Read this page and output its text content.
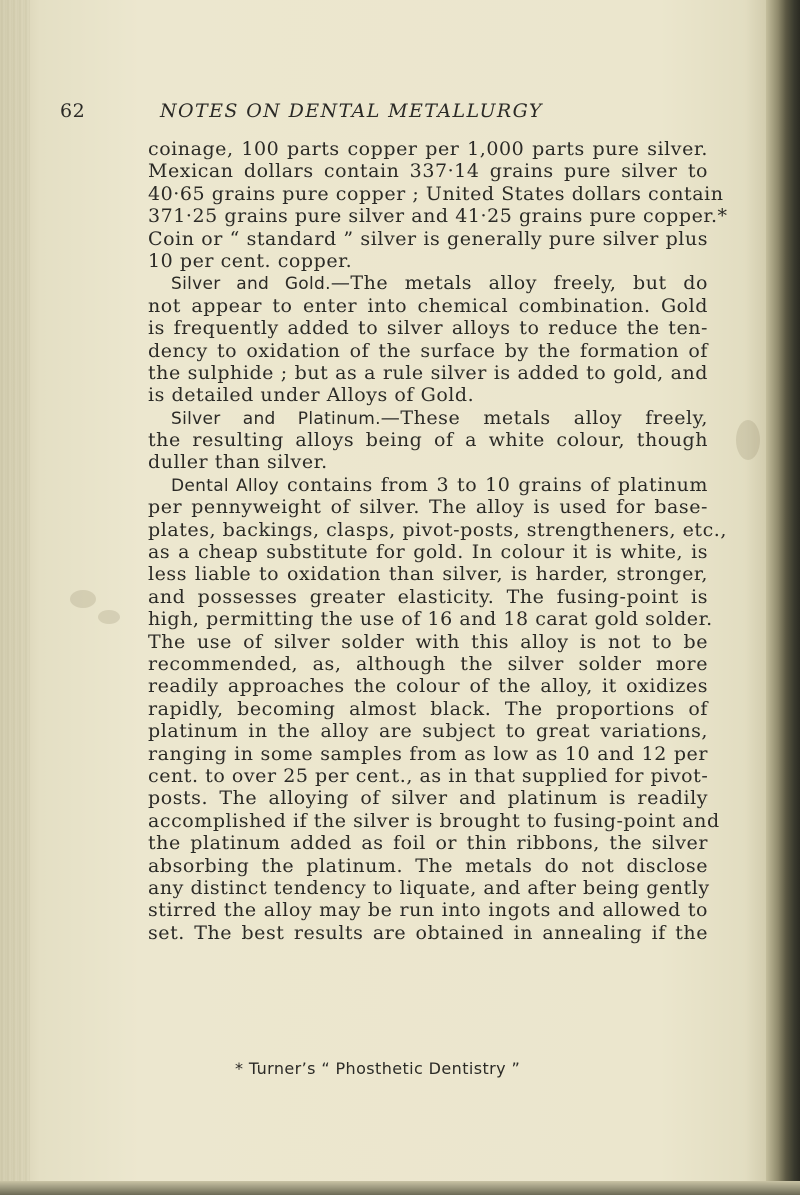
62	NOTES ON DENTAL METALLURGY
coinage, 100 parts copper per 1,000 parts pure silver.
Mexican dollars contain 337·14 grains pure silver to
40·65 grains pure copper ; United States dollars contain
371·25 grains pure silver and 41·25 grains pure copper.*
Coin or “ standard ” silver is generally pure silver plus
10 per cent. copper.
Silver and Gold.—The metals alloy freely, but do
not appear to enter into chemical combination. Gold
is frequently added to silver alloys to reduce the ten-
dency to oxidation of the surface by the formation of
the sulphide ; but as a rule silver is added to gold, and
is detailed under Alloys of Gold.
Silver and Platinum.—These metals alloy freely,
the resulting alloys being of a white colour, though
duller than silver.
Dental Alloy contains from 3 to 10 grains of platinum
per pennyweight of silver. The alloy is used for base-
plates, backings, clasps, pivot-posts, strengtheners, etc.,
as a cheap substitute for gold. In colour it is white, is
less liable to oxidation than silver, is harder, stronger,
and possesses greater elasticity. The fusing-point is
high, permitting the use of 16 and 18 carat gold solder.
The use of silver solder with this alloy is not to be
recommended, as, although the silver solder more
readily approaches the colour of the alloy, it oxidizes
rapidly, becoming almost black. The proportions of
platinum in the alloy are subject to great variations,
ranging in some samples from as low as 10 and 12 per
cent. to over 25 per cent., as in that supplied for pivot-
posts. The alloying of silver and platinum is readily
accomplished if the silver is brought to fusing-point and
the platinum added as foil or thin ribbons, the silver
absorbing the platinum. The metals do not disclose
any distinct tendency to liquate, and after being gently
stirred the alloy may be run into ingots and allowed to
set. The best results are obtained in annealing if the
* Turner’s “ Phosthetic Dentistry ”
